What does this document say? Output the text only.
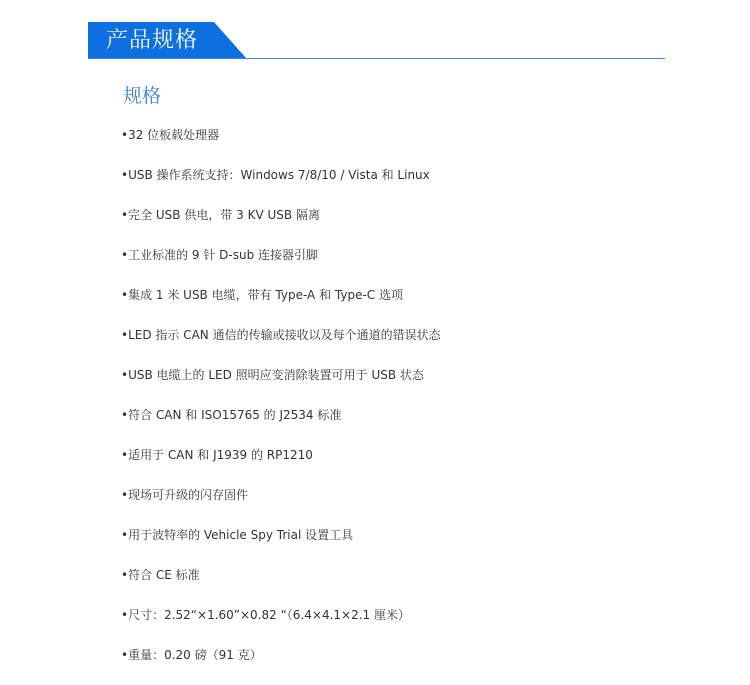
产品规格
规格
•32 位板载处理器
•USB 操作系统支持：Windows 7/8/10 / Vista 和 Linux
•完全 USB 供电，带 3 KV USB 隔离
•工业标准的 9 针 D-sub 连接器引脚
•集成 1 米 USB 电缆，带有 Type-A 和 Type-C 选项
•LED 指示 CAN 通信的传输或接收以及每个通道的错误状态
•USB 电缆上的 LED 照明应变消除装置可用于 USB 状态
•符合 CAN 和 ISO15765 的 J2534 标准
•适用于 CAN 和 J1939 的 RP1210
•现场可升级的闪存固件
•用于波特率的 Vehicle Spy Trial 设置工具
•符合 CE 标准
•尺寸：2.52“×1.60”×0.82 “（6.4×4.1×2.1 厘米）
•重量：0.20 磅（91 克）
